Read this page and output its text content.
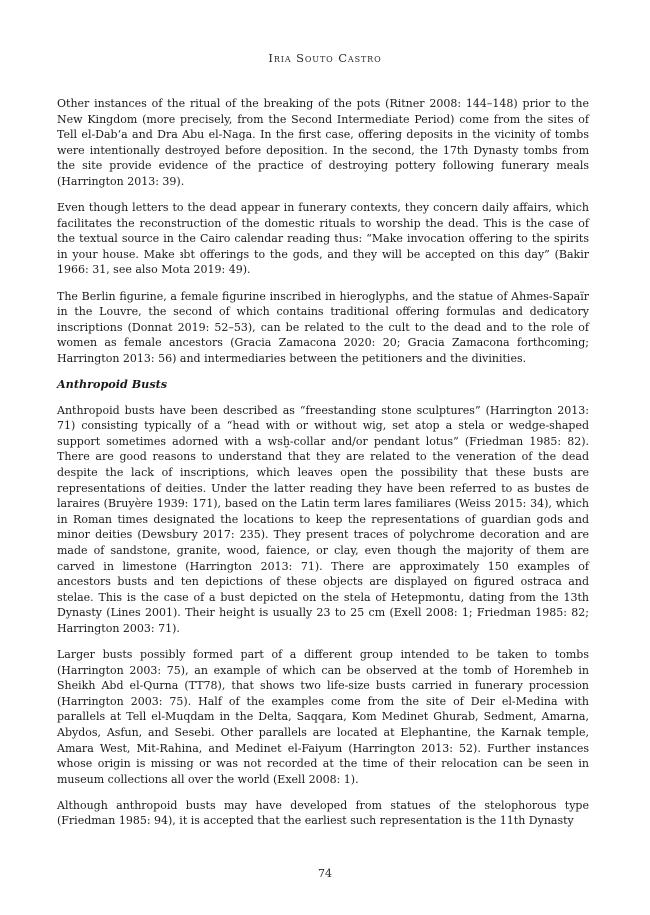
Iria Souto Castro

Other instances of the ritual of the breaking of the pots (Ritner 2008: 144–148) prior to the New Kingdom (more precisely, from the Second Intermediate Period) come from the sites of Tell el-Dab‘a and Dra Abu el-Naga. In the first case, offering deposits in the vicinity of tombs were intentionally destroyed before deposition. In the second, the 17th Dynasty tombs from the site provide evidence of the practice of destroying pottery following funerary meals (Harrington 2013: 39).

Even though letters to the dead appear in funerary contexts, they concern daily affairs, which facilitates the reconstruction of the domestic rituals to worship the dead. This is the case of the textual source in the Cairo calendar reading thus: “Make invocation offering to the spirits in your house. Make ꜣbt offerings to the gods, and they will be accepted on this day” (Bakir 1966: 31, see also Mota 2019: 49).

The Berlin figurine, a female figurine inscribed in hieroglyphs, and the statue of Ahmes-Sapaïr in the Louvre, the second of which contains traditional offering formulas and dedicatory inscriptions (Donnat 2019: 52–53), can be related to the cult to the dead and to the role of women as female ancestors (Gracia Zamacona 2020: 20; Gracia Zamacona forthcoming; Harrington 2013: 56) and intermediaries between the petitioners and the divinities.

Anthropoid Busts

Anthropoid busts have been described as “freestanding stone sculptures” (Harrington 2013: 71) consisting typically of a “head with or without wig, set atop a stela or wedge-shaped support sometimes adorned with a wsḫ-collar and/or pendant lotus” (Friedman 1985: 82). There are good reasons to understand that they are related to the veneration of the dead despite the lack of inscriptions, which leaves open the possibility that these busts are representations of deities. Under the latter reading they have been referred to as bustes de laraires (Bruyère 1939: 171), based on the Latin term lares familiares (Weiss 2015: 34), which in Roman times designated the locations to keep the representations of guardian gods and minor deities (Dewsbury 2017: 235). They present traces of polychrome decoration and are made of sandstone, granite, wood, faience, or clay, even though the majority of them are carved in limestone (Harrington 2013: 71). There are approximately 150 examples of ancestors busts and ten depictions of these objects are displayed on figured ostraca and stelae. This is the case of a bust depicted on the stela of Hetepmontu, dating from the 13th Dynasty (Lines 2001). Their height is usually 23 to 25 cm (Exell 2008: 1; Friedman 1985: 82; Harrington 2003: 71).

Larger busts possibly formed part of a different group intended to be taken to tombs (Harrington 2003: 75), an example of which can be observed at the tomb of Horemheb in Sheikh Abd el-Qurna (TT78), that shows two life-size busts carried in funerary procession (Harrington 2003: 75). Half of the examples come from the site of Deir el-Medina with parallels at Tell el-Muqdam in the Delta, Saqqara, Kom Medinet Ghurab, Sedment, Amarna, Abydos, Asfun, and Sesebi. Other parallels are located at Elephantine, the Karnak temple, Amara West, Mit-Rahina, and Medinet el-Faiyum (Harrington 2013: 52). Further instances whose origin is missing or was not recorded at the time of their relocation can be seen in museum collections all over the world (Exell 2008: 1).

Although anthropoid busts may have developed from statues of the stelophorous type (Friedman 1985: 94), it is accepted that the earliest such representation is the 11th Dynasty

74
